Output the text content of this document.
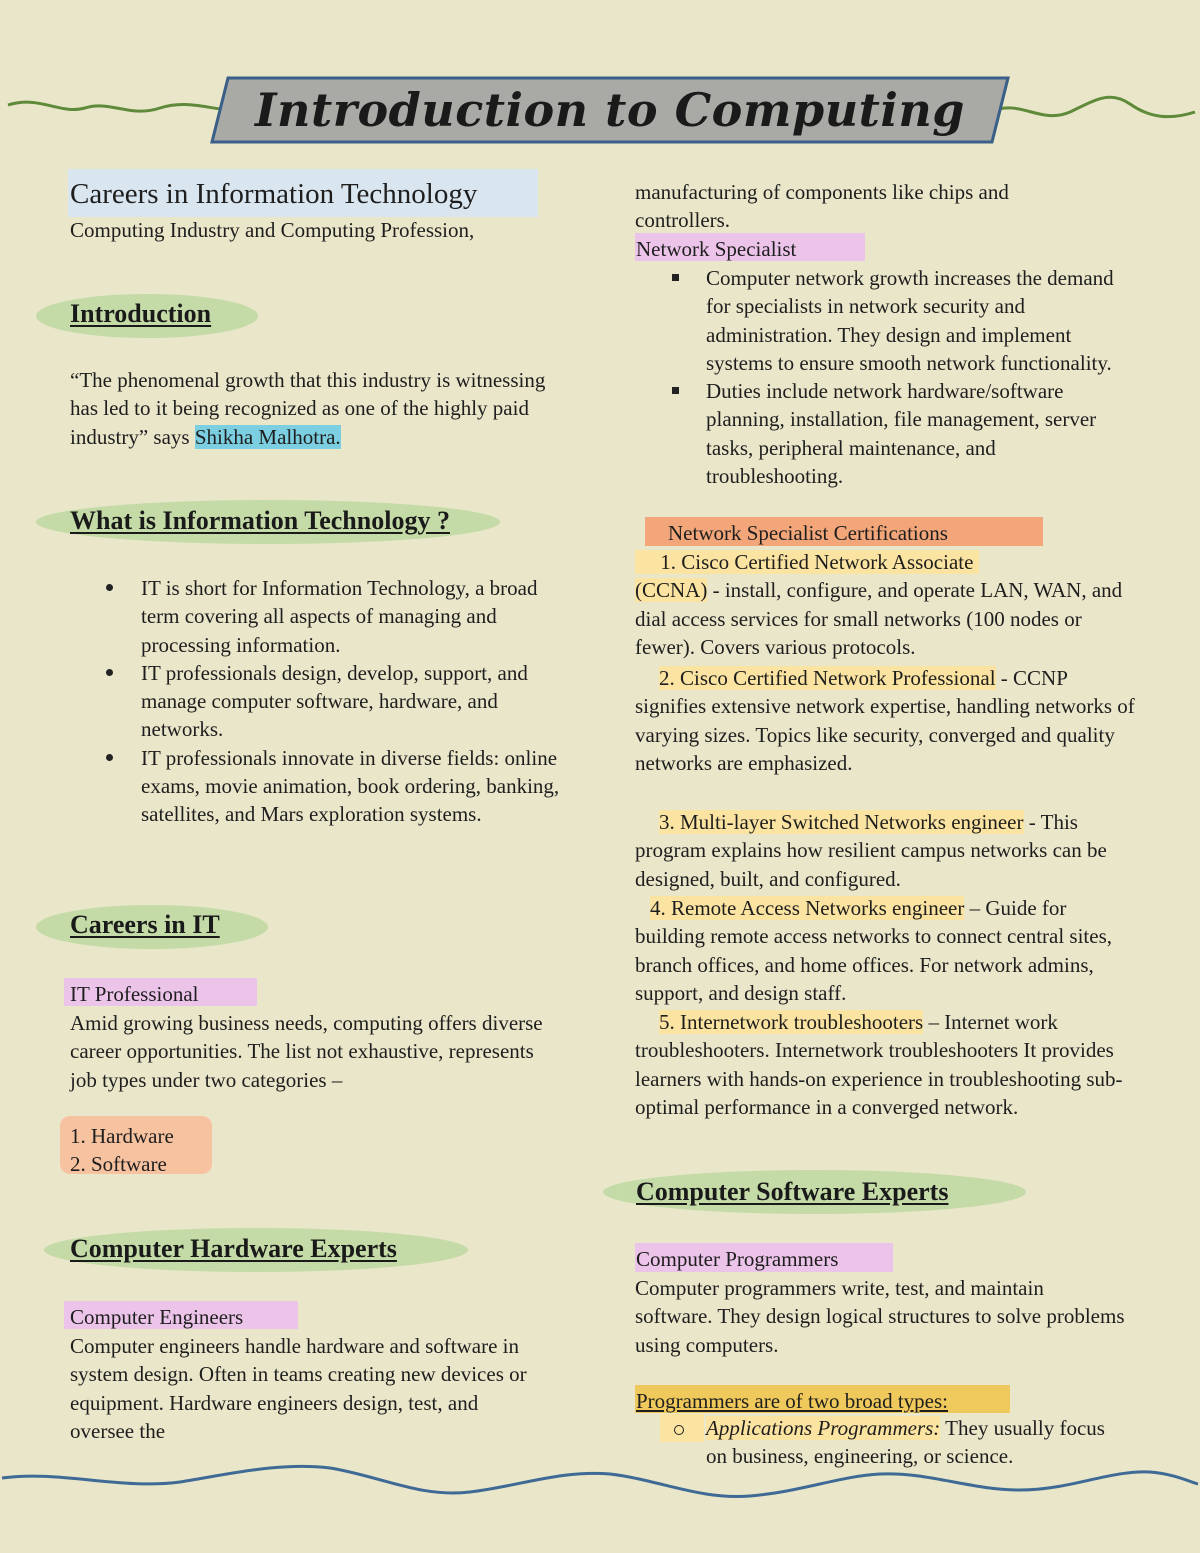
Introduction to Computing
Careers in Information Technology
Computing Industry and Computing Profession,
Introduction

“The phenomenal growth that this industry is witnessing has led to it being recognized as one of the highly paid industry” says Shikha Malhotra.

What is Information Technology ?
IT is short for Information Technology, a broad term covering all aspects of managing and processing information.
IT professionals design, develop, support, and manage computer software, hardware, and networks.
IT professionals innovate in diverse fields: online exams, movie animation, book ordering, banking, satellites, and Mars exploration systems.
Careers in IT
IT Professional

Amid growing business needs, computing offers diverse career opportunities. The list not exhaustive, represents job types under two categories –

1. Hardware
2. Software
Computer Hardware Experts
Computer Engineers

Computer engineers handle hardware and software in system design. Often in teams creating new devices or equipment. Hardware engineers design, test, and oversee the

manufacturing of components like chips and controllers.

Network Specialist
Computer network growth increases the demand for specialists in network security and administration. They design and implement systems to ensure smooth network functionality.
Duties include network hardware/software planning, installation, file management, server tasks, peripheral maintenance, and troubleshooting.
Network Specialist Certifications

1. Cisco Certified Network Associate
(CCNA) - install, configure, and operate LAN, WAN, and dial access services for small networks (100 nodes or fewer). Covers various protocols.

2. Cisco Certified Network Professional - CCNP signifies extensive network expertise, handling networks of varying sizes. Topics like security, converged and quality networks are emphasized.

3. Multi-layer Switched Networks engineer - This program explains how resilient campus networks can be designed, built, and configured.

4. Remote Access Networks engineer – Guide for building remote access networks to connect central sites, branch offices, and home offices. For network admins, support, and design staff.

5. Internetwork troubleshooters – Internet work troubleshooters. Internetwork troubleshooters It provides learners with hands-on experience in troubleshooting sub-optimal performance in a converged network.

Computer Software Experts
Computer Programmers

Computer programmers write, test, and maintain software. They design logical structures to solve problems using computers.

Programmers are of two broad types:

Applications Programmers: They usually focus on business, engineering, or science.
